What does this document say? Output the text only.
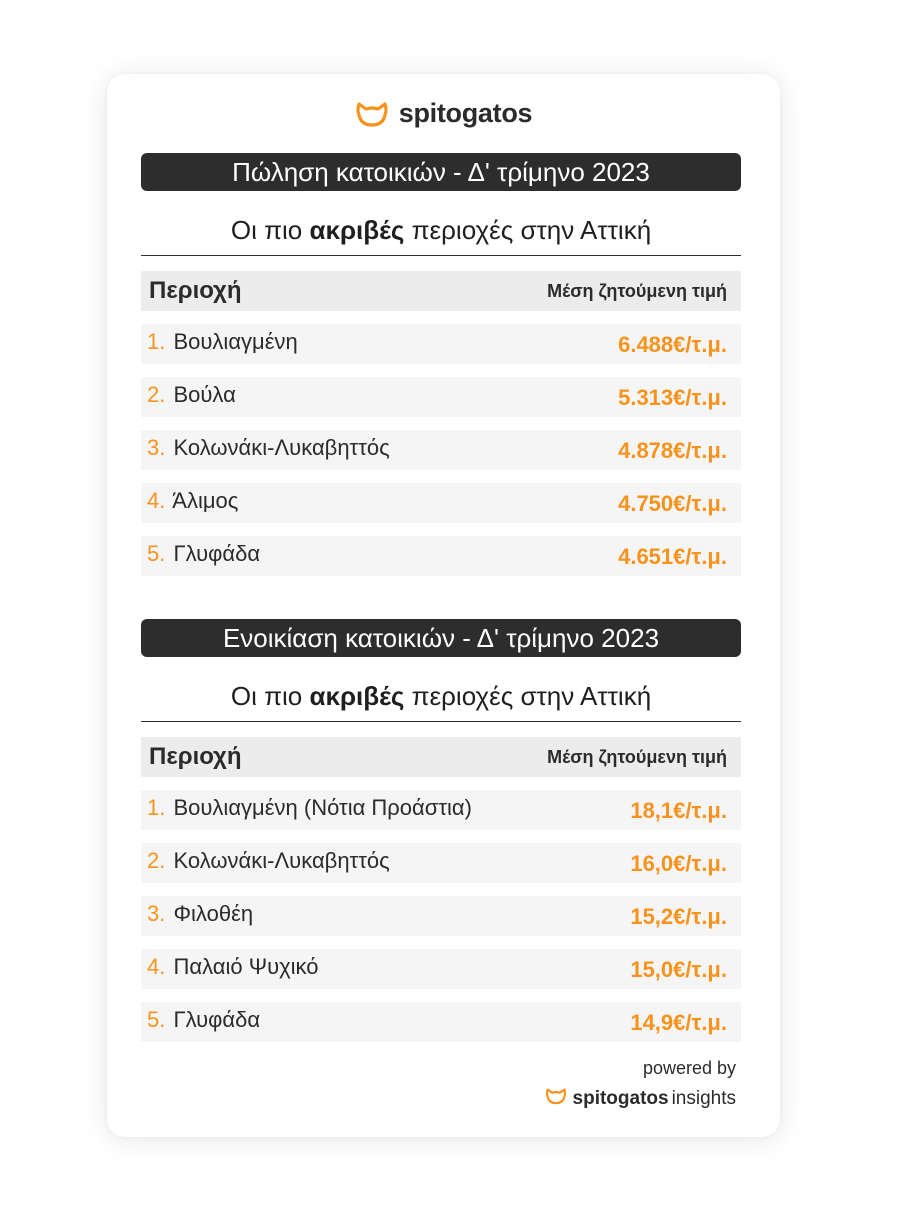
spitogatos
Πώληση κατοικιών - Δ' τρίμηνο 2023
Οι πιο ακριβές περιοχές στην Αττική
Περιοχή	Μέση ζητούμενη τιμή
1. Βουλιαγμένη	6.488€/τ.μ.
2. Βούλα	5.313€/τ.μ.
3. Κολωνάκι-Λυκαβηττός	4.878€/τ.μ.
4. Άλιμος	4.750€/τ.μ.
5. Γλυφάδα	4.651€/τ.μ.
Ενοικίαση κατοικιών - Δ' τρίμηνο 2023
Οι πιο ακριβές περιοχές στην Αττική
Περιοχή	Μέση ζητούμενη τιμή
1. Βουλιαγμένη (Νότια Προάστια)	18,1€/τ.μ.
2. Κολωνάκι-Λυκαβηττός	16,0€/τ.μ.
3. Φιλοθέη	15,2€/τ.μ.
4. Παλαιό Ψυχικό	15,0€/τ.μ.
5. Γλυφάδα	14,9€/τ.μ.
powered by
spitogatos insights
